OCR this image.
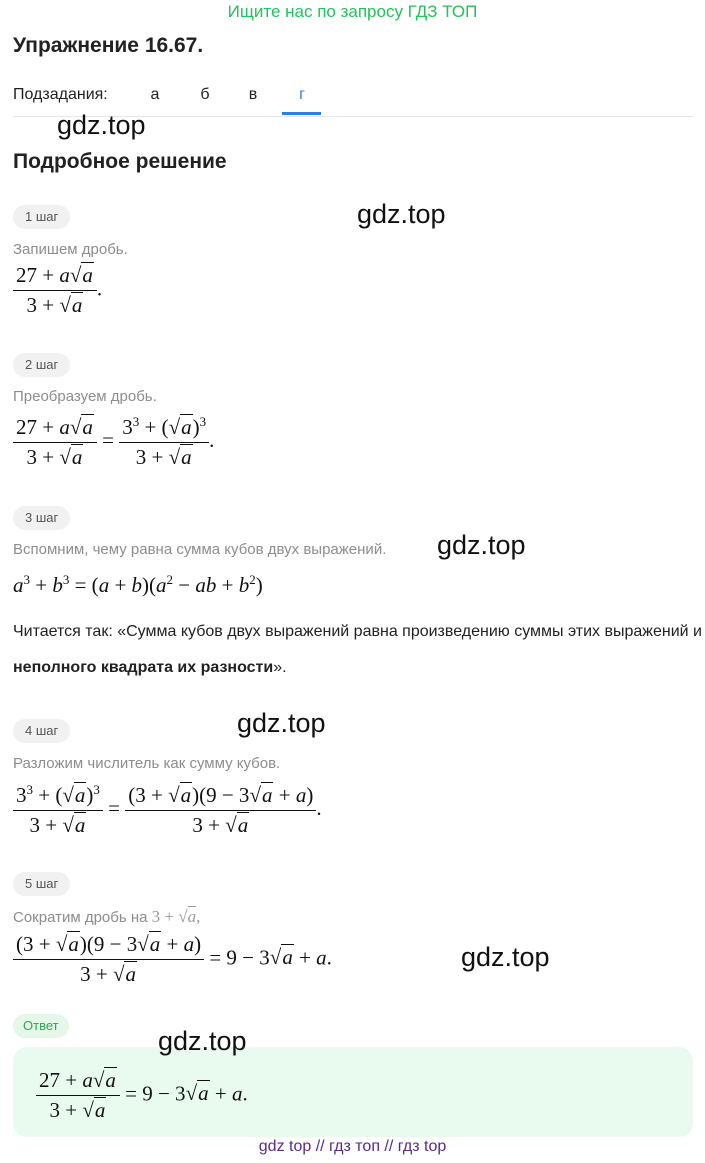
Ищите нас по запросу ГДЗ ТОП
Упражнение 16.67.
Подзадания:	а	б	в	г
gdz.top
Подробное решение
gdz.top
1 шаг
Запишем дробь.
$\frac{27 + a√a}{3 + √a}$ .
2 шаг
Преобразуем дробь.
$\frac{27 + a√a}{3 + √a} = \frac{3^3 + (√a)^3}{3 + √a}$ .
3 шаг
Вспомним, чему равна сумма кубов двух выражений. gdz.top
$a^3 + b^3 = (a + b)(a^2$ − ab + $b^2$)
Читается так: «Сумма кубов двух выражений равна произведению суммы этих выражений и неполного квадрата их разности».
gdz.top
4 шаг
Разложим числитель как сумму кубов.
$\frac{3^3 + (√a)^3}{3 + √a} = \frac{(3 + √a)(9 - 3√a + a)}{3 + √a}$ .
5 шаг
Сократим дробь на 3 + √a,
$\frac{(3 + √a)(9 - 3√a + a)}{3 + √a} = 9 - 3√a + a$.	gdz.top
Ответ
gdz.top
$\frac{27 + a√a}{3 + √a} = 9 - 3√a + a$.
gdz top // гдз топ // гдз top
